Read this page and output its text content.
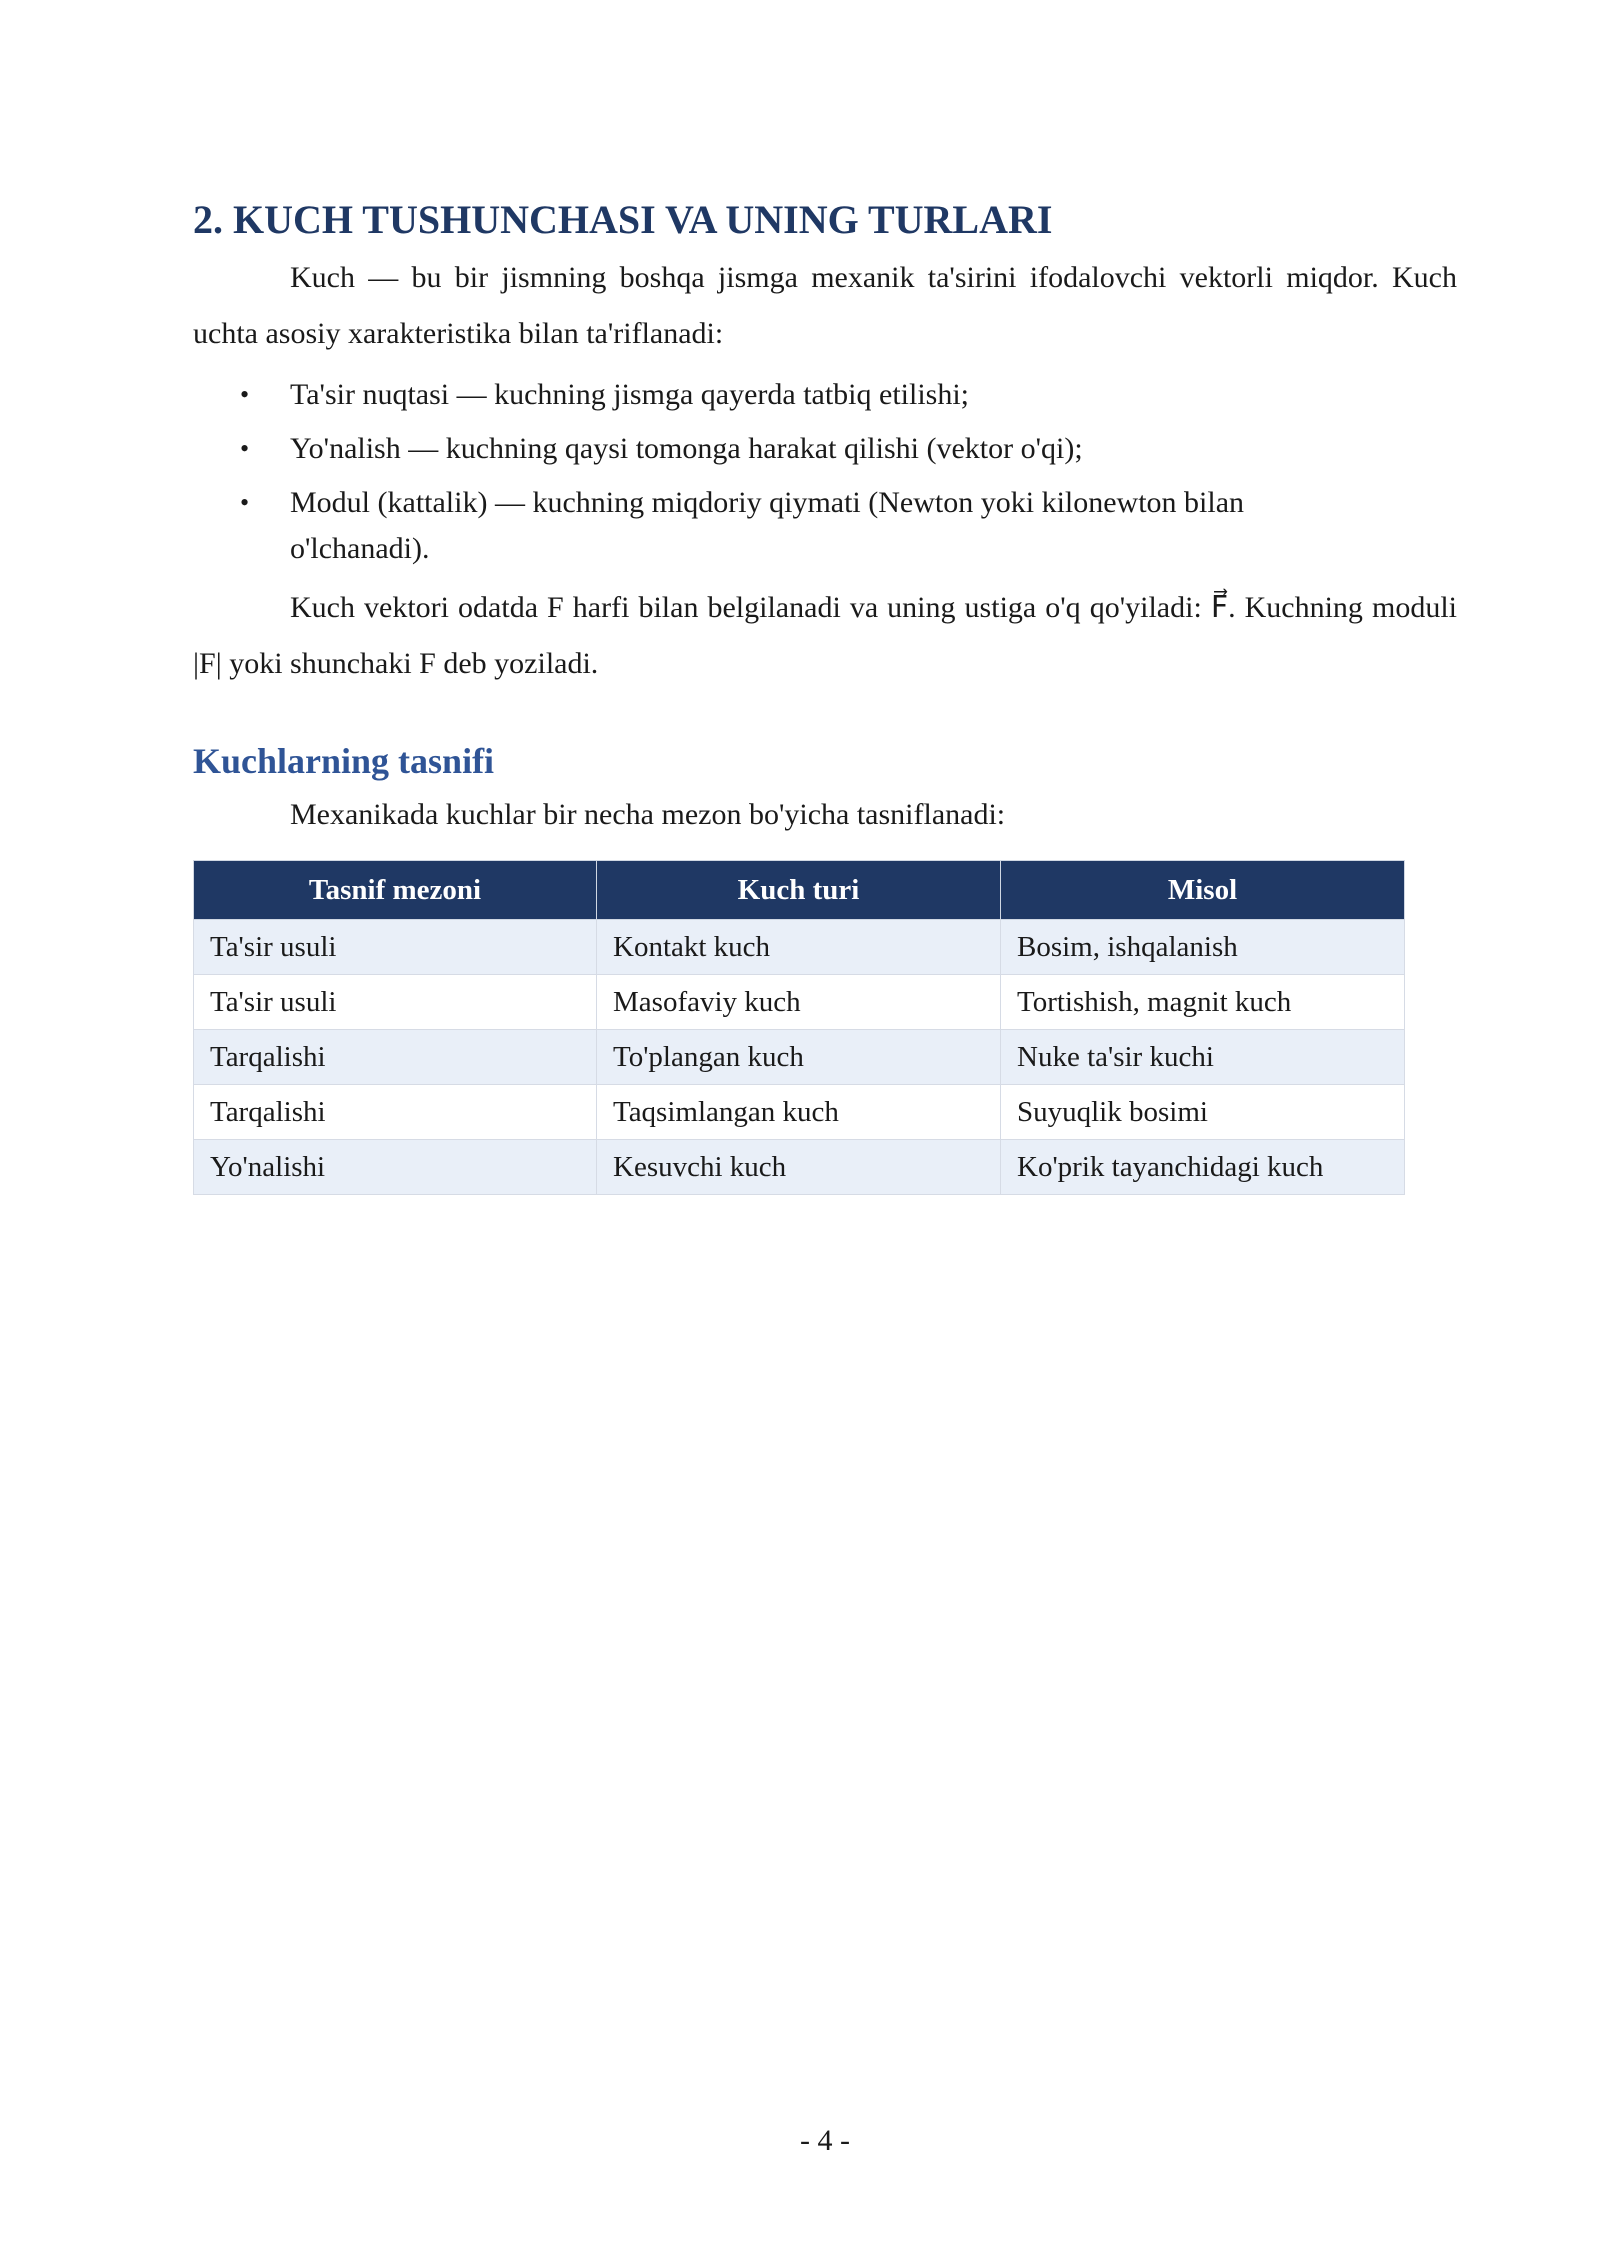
2. KUCH TUSHUNCHASI VA UNING TURLARI

Kuch — bu bir jismning boshqa jismga mexanik ta'sirini ifodalovchi vektorli miqdor. Kuch uchta asosiy xarakteristika bilan ta'riflanadi:

• Ta'sir nuqtasi — kuchning jismga qayerda tatbiq etilishi;
• Yo'nalish — kuchning qaysi tomonga harakat qilishi (vektor o'qi);
• Modul (kattalik) — kuchning miqdoriy qiymati (Newton yoki kilonewton bilan o'lchanadi).

Kuch vektori odatda F harfi bilan belgilanadi va uning ustiga o'q qo'yiladi: F⃗. Kuchning moduli |F| yoki shunchaki F deb yoziladi.

Kuchlarning tasnifi

Mexanikada kuchlar bir necha mezon bo'yicha tasniflanadi:

Tasnif mezoni	Kuch turi	Misol
Ta'sir usuli	Kontakt kuch	Bosim, ishqalanish
Ta'sir usuli	Masofaviy kuch	Tortishish, magnit kuch
Tarqalishi	To'plangan kuch	Nuke ta'sir kuchi
Tarqalishi	Taqsimlangan kuch	Suyuqlik bosimi
Yo'nalishi	Kesuvchi kuch	Ko'prik tayanchidagi kuch
- 4 -
